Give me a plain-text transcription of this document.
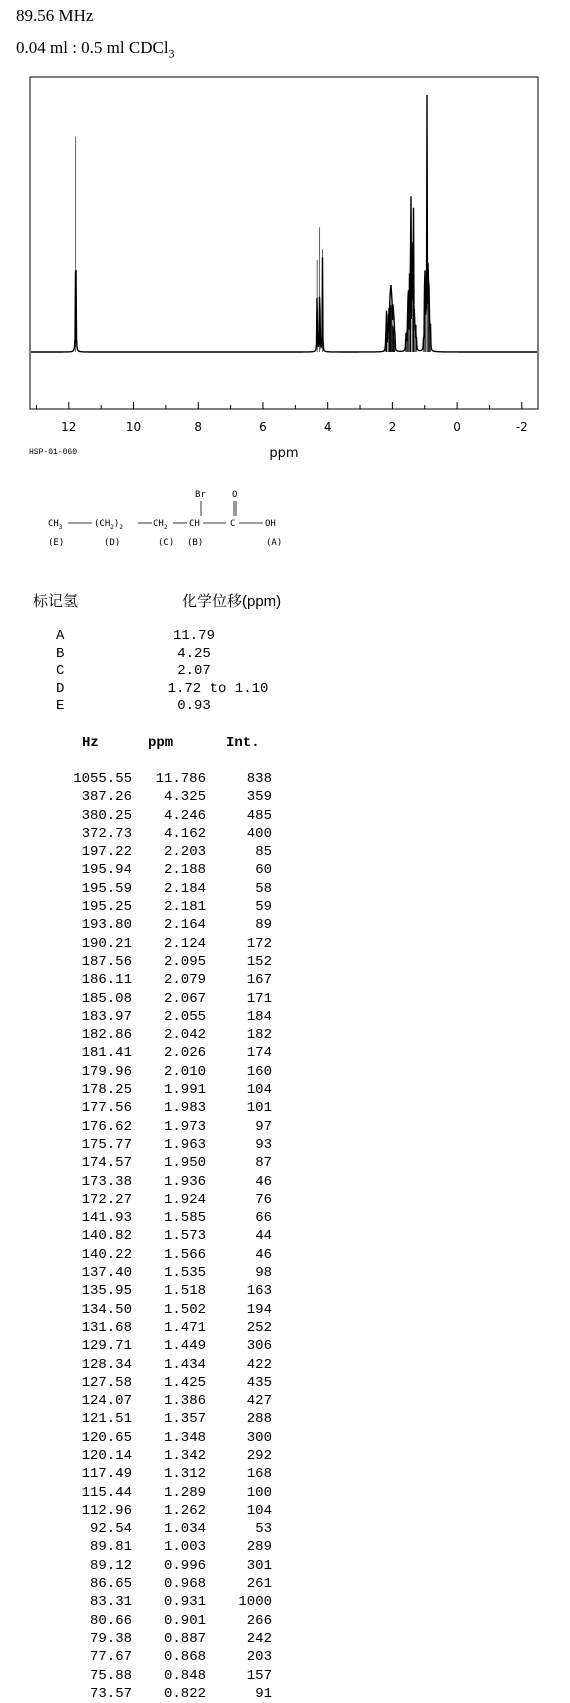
89.56 MHz
0.04 ml : 0.5 ml CDCl$_3$
12	10	8	6	4	2	0	-2
ppm
HSP-01-060
Br	O
$CH_3$	$(CH_2)_2$	$CH_2$ CH	C	OH
(E)	(D)	(C) (B)	(A)
标记氢	化学位移(ppm)
A	11.79
B	4.25
C	2.07
D	1.72 to 1.10
E	0.93
Hz	ppm	Int.
1055.55	11.786	838
387.26	4.325	359
380.25	4.246	485
372.73	4.162	400
197.22	2.203	85
195.94	2.188	60
195.59	2.184	58
195.25	2.181	59
193.80	2.164	89
190.21	2.124	172
187.56	2.095	152
186.11	2.079	167
185.08	2.067	171
183.97	2.055	184
182.86	2.042	182
181.41	2.026	174
179.96	2.010	160
178.25	1.991	104
177.56	1.983	101
176.62	1.973	97
175.77	1.963	93
174.57	1.950	87
173.38	1.936	46
172.27	1.924	76
141.93	1.585	66
140.82	1.573	44
140.22	1.566	46
137.40	1.535	98
135.95	1.518	163
134.50	1.502	194
131.68	1.471	252
129.71	1.449	306
128.34	1.434	422
127.58	1.425	435
124.07	1.386	427
121.51	1.357	288
120.65	1.348	300
120.14	1.342	292
117.49	1.312	168
115.44	1.289	100
112.96	1.262	104
92.54	1.034	53
89.81	1.003	289
89.12	0.996	301
86.65	0.968	261
83.31	0.931	1000
80.66	0.901	266
79.38	0.887	242
77.67	0.868	203
75.88	0.848	157
73.57	0.822	91
